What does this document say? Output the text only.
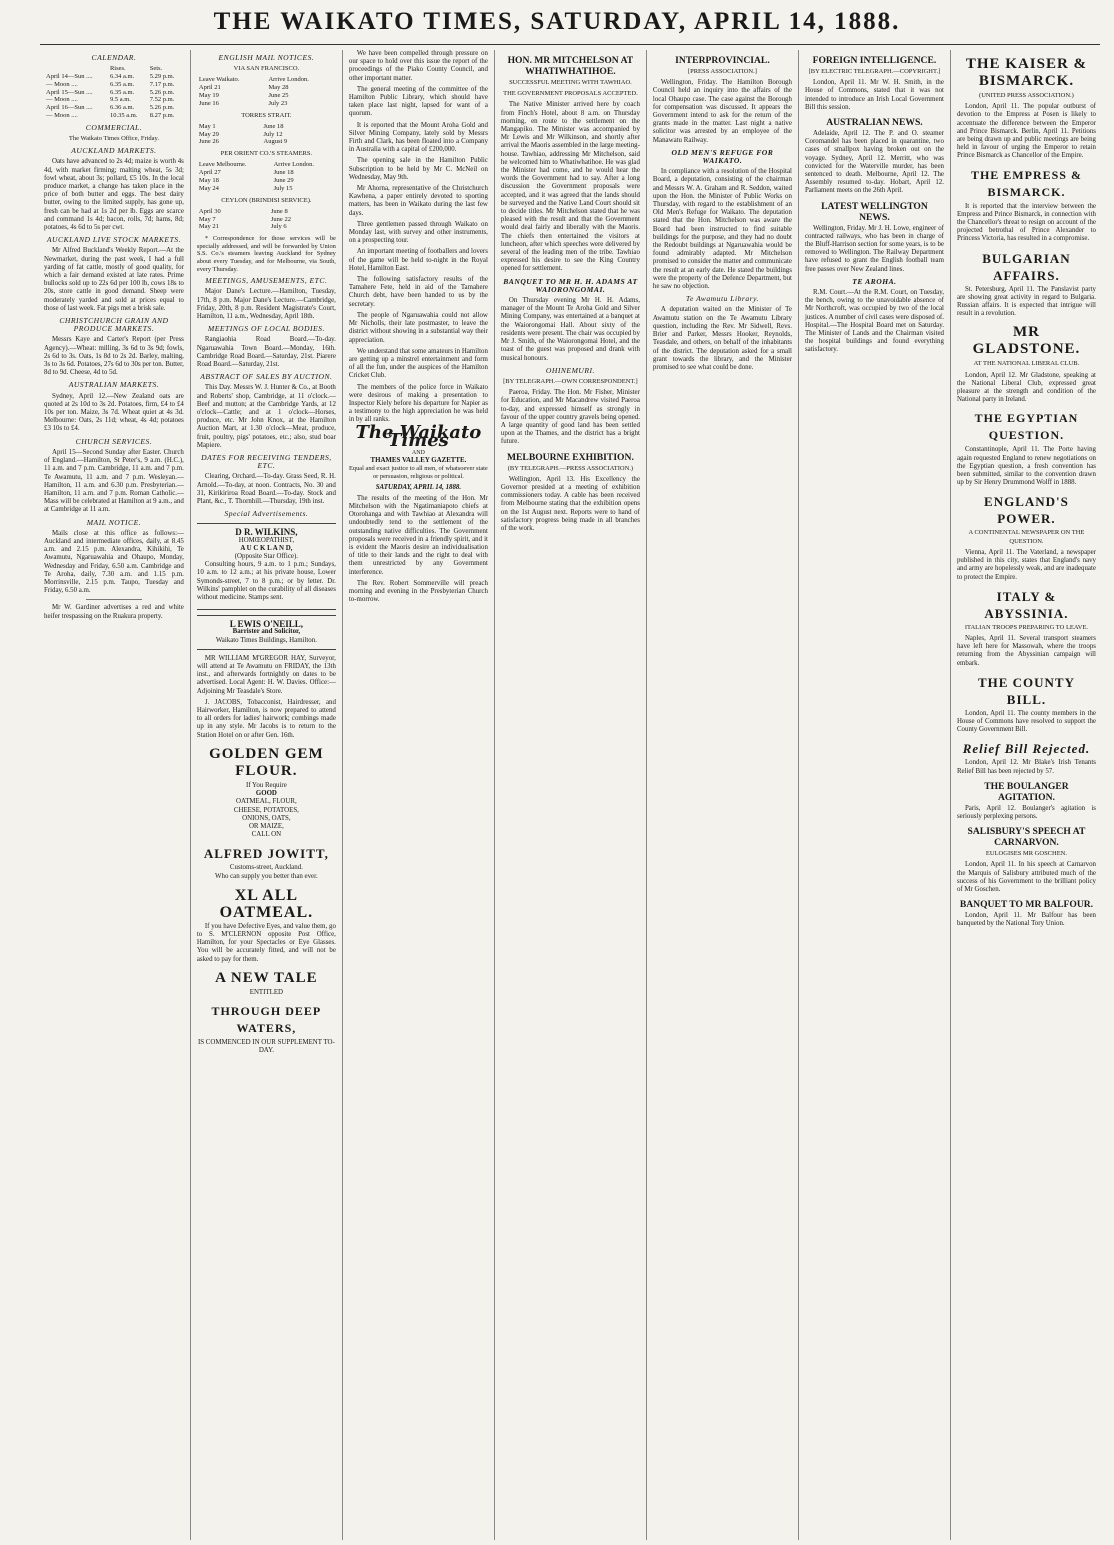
THE WAIKATO TIMES, SATURDAY, APRIL 14, 1888.
CALENDAR.
	Rises.	Sets.
April 14—Sun ....	6.34 a.m.	5.29 p.m.
— Moon ....	6.35 a.m.	7.17 p.m.
April 15—Sun ....	6.35 a.m.	5.26 p.m.
— Moon ....	9.5 a.m.	7.52 p.m.
April 16—Sun ....	6.36 a.m.	5.26 p.m.
— Moon ....	10.35 a.m.	8.27 p.m.
COMMERCIAL.
The Waikato Times Office, Friday.
AUCKLAND MARKETS.

Oats have advanced to 2s 4d; maize is worth 4s 4d, with market firming; malting wheat, 5s 3d; fowl wheat, about 3s; pollard, £5 10s. In the local produce market, a change has taken place in the price of both butter and eggs. The best dairy butter, owing to the limited supply, has gone up, fresh can be had at 1s 2d per lb. Eggs are scarce and command 1s 4d; bacon, rolls, 7d; hams, 8d; potatoes, 4s 6d to 5s per cwt.

AUCKLAND LIVE STOCK MARKETS.

Mr Alfred Buckland's Weekly Report.—At the Newmarket, during the past week, I had a full yarding of fat cattle, mostly of good quality, for which a fair demand existed at late rates. Prime bullocks sold up to 22s 6d per 100 lb, cows 18s to 20s, store cattle in good demand. Sheep were moderately yarded and sold at prices equal to those of last week. Fat pigs met a brisk sale.

CHRISTCHURCH GRAIN AND PRODUCE MARKETS.

Messrs Kaye and Carter's Report (per Press Agency).—Wheat: milling, 3s 6d to 3s 9d; fowls, 2s 6d to 3s. Oats, 1s 8d to 2s 2d. Barley, malting, 3s to 3s 6d. Potatoes, 27s 6d to 30s per ton. Butter, 8d to 9d. Cheese, 4d to 5d.

AUSTRALIAN MARKETS.

Sydney, April 12.—New Zealand oats are quoted at 2s 10d to 3s 2d. Potatoes, firm, £4 to £4 10s per ton. Maize, 3s 7d. Wheat quiet at 4s 3d. Melbourne: Oats, 2s 11d; wheat, 4s 4d; potatoes £3 10s to £4.

CHURCH SERVICES.

April 15—Second Sunday after Easter. Church of England.—Hamilton, St Peter's, 9 a.m. (H.C.), 11 a.m. and 7 p.m. Cambridge, 11 a.m. and 7 p.m. Te Awamutu, 11 a.m. and 7 p.m. Wesleyan.—Hamilton, 11 a.m. and 6.30 p.m. Presbyterian.—Hamilton, 11 a.m. and 7 p.m. Roman Catholic.—Mass will be celebrated at Hamilton at 9 a.m., and at Cambridge at 11 a.m.

MAIL NOTICE.

Mails close at this office as follows:—Auckland and intermediate offices, daily, at 8.45 a.m. and 2.15 p.m. Alexandra, Kihikihi, Te Awamutu, Ngaruawahia and Ohaupo, Monday, Wednesday and Friday, 6.50 a.m. Cambridge and Te Aroha, daily, 7.30 a.m. and 1.15 p.m. Morrinsville, 2.15 p.m. Taupo, Tuesday and Friday, 6.50 a.m.

Mr W. Gardiner advertises a red and white heifer trespassing on the Ruakura property.

ENGLISH MAIL NOTICES.
VIA SAN FRANCISCO.
Leave Waikato.	Arrive London.
April 21	May 28
May 19	June 25
June 16	July 23
TORRES STRAIT.
May 1	June 18
May 29	July 12
June 26	August 9
PER ORIENT CO.'S STEAMERS.
Leave Melbourne.	Arrive London.
April 27	June 18
May 18	June 29
May 24	July 15
CEYLON (BRINDISI SERVICE).
April 30	June 8
May 7	June 22
May 21	July 6

* Correspondence for those services will be specially addressed, and will be forwarded by Union S.S. Co.'s steamers leaving Auckland for Sydney about every Tuesday, and for Melbourne, via South, every Thursday.

MEETINGS, AMUSEMENTS, ETC.

Major Dane's Lecture.—Hamilton, Tuesday, 17th, 8 p.m. Major Dane's Lecture.—Cambridge, Friday, 20th, 8 p.m. Resident Magistrate's Court, Hamilton, 11 a.m., Wednesday, April 18th.

MEETINGS OF LOCAL BODIES.

Rangiaohia Road Board.—To-day. Ngaruawahia Town Board.—Monday, 16th. Cambridge Road Board.—Saturday, 21st. Piarere Road Board.—Saturday, 21st.

ABSTRACT OF SALES BY AUCTION.

This Day. Messrs W. J. Hunter & Co., at Booth and Roberts' shop, Cambridge, at 11 o'clock.—Beef and mutton; at the Cambridge Yards, at 12 o'clock—Cattle; and at 1 o'clock—Horses, produce, etc. Mr John Knox, at the Hamilton Auction Mart, at 1.30 o'clock—Meat, produce, fruit, poultry, pigs' potatoes, etc.; also, stud boar Mapiere.

DATES FOR RECEIVING TENDERS, ETC.

Clearing, Orchard.—To-day. Grass Seed, R. H. Arnold.—To-day, at noon. Contracts, No. 30 and 31, Kirikiriroa Road Board.—To-day. Stock and Plant, &c., T. Thornhill.—Thursday, 19th inst.

Special Advertisements.
D R. WILKINS,
HOMŒOPATHIST,
A U C K L A N D,
(Opposite Star Office).

Consulting hours, 9 a.m. to 1 p.m.; Sundays, 10 a.m. to 12 a.m.; at his private house, Lower Symonds-street, 7 to 8 p.m.; or by letter. Dr. Wilkins' pamphlet on the curability of all diseases without medicine. Stamps sent.

L EWIS O'NEILL,
Barrister and Solicitor,
Waikato Times Buildings, Hamilton.

MR WILLIAM M'GREGOR HAY, Surveyor, will attend at Te Awamutu on FRIDAY, the 13th inst., and afterwards fortnightly on dates to be advertised. Local Agent: H. W. Davies. Office:—Adjoining Mr Teasdale's Store.

J. JACOBS, Tobacconist, Hairdresser, and Hairworker, Hamilton, is now prepared to attend to all orders for ladies' hairwork; combings made up in any style. Mr Jacobs is to return to the Station Hotel on or after Gen. 16th.

GOLDEN GEM FLOUR.
If You Require
GOOD
OATMEAL, FLOUR,
CHEESE, POTATOES,
ONIONS, OATS,
OR MAIZE,
CALL ON
ALFRED JOWITT,
Customs-street, Auckland.
Who can supply you better than ever.
XL ALL OATMEAL.

If you have Defective Eyes, and value them, go to S. M'CLERNON opposite Post Office, Hamilton, for your Spectacles or Eye Glasses. You will be accurately fitted, and will not be asked to pay for them.

A NEW TALE
ENTITLED
THROUGH DEEP WATERS,
IS COMMENCED IN OUR SUPPLEMENT TO-DAY.

We have been compelled through pressure on our space to hold over this issue the report of the proceedings of the Piako County Council, and other important matter.

The general meeting of the committee of the Hamilton Public Library, which should have taken place last night, lapsed for want of a quorum.

It is reported that the Mount Aroha Gold and Silver Mining Company, lately sold by Messrs Firth and Clark, has been floated into a Company in Australia with a capital of £200,000.

The opening sale in the Hamilton Public Subscription to be held by Mr C. McNeil on Wednesday, May 9th.

Mr Ahorna, representative of the Christchurch Kawhena, a paper entirely devoted to sporting matters, has been in Waikato during the last few days.

Three gentlemen passed through Waikato on Monday last, with survey and other instruments, on a prospecting tour.

An important meeting of footballers and lovers of the game will be held to-night in the Royal Hotel, Hamilton East.

The following satisfactory results of the Tamahere Fete, held in aid of the Tamahere Church debt, have been handed to us by the secretary.

The people of Ngaruawahia could not allow Mr Nicholls, their late postmaster, to leave the district without showing in a substantial way their appreciation.

We understand that some amateurs in Hamilton are getting up a minstrel entertainment and form of all the fun, under the auspices of the Hamilton Cricket Club.

The members of the police force in Waikato were desirous of making a presentation to Inspector Kiely before his departure for Napier as a testimony to the high appreciation he was held in by all ranks.

The Waikato Times
AND
THAMES VALLEY GAZETTE.

Equal and exact justice to all men, of whatsoever state or persuasion, religious or political.

SATURDAY, APRIL 14, 1888.

The results of the meeting of the Hon. Mr Mitchelson with the Ngatimaniapoto chiefs at Otorohanga and with Tawhiao at Alexandra will undoubtedly tend to the settlement of the outstanding native difficulties. The Government proposals were received in a friendly spirit, and it is evident the Maoris desire an individualisation of title to their lands and the right to deal with them unrestricted by any Government interference.

The Rev. Robert Sommerville will preach morning and evening in the Presbyterian Church to-morrow.

HON. MR MITCHELSON AT WHATIWHATIHOE.
SUCCESSFUL MEETING WITH TAWHIAO.
THE GOVERNMENT PROPOSALS ACCEPTED.

The Native Minister arrived here by coach from Finch's Hotel, about 8 a.m. on Thursday morning, en route to the settlement on the Mangapiko. The Minister was accompanied by Mr Lewis and Mr Wilkinson, and shortly after arrival the Maoris assembled in the large meeting-house. Tawhiao, addressing Mr Mitchelson, said he welcomed him to Whatiwhatihoe. He was glad the Minister had come, and he would hear the words the Government had to say. After a long discussion the Government proposals were accepted, and it was agreed that the lands should be surveyed and the Native Land Court should sit to decide titles. Mr Mitchelson stated that he was pleased with the result and that the Government would deal fairly and liberally with the Maoris. The chiefs then entertained the visitors at luncheon, after which speeches were delivered by several of the leading men of the tribe. Tawhiao expressed his desire to see the King Country opened for settlement.

BANQUET TO MR H. H. ADAMS AT WAIORONGOMAI.

On Thursday evening Mr H. H. Adams, manager of the Mount Te Aroha Gold and Silver Mining Company, was entertained at a banquet at the Waiorongomai Hall. About sixty of the residents were present. The chair was occupied by Mr J. Smith, of the Waiorongomai Hotel, and the toast of the guest was proposed and drank with musical honours.

OHINEMURI.
[BY TELEGRAPH.—OWN CORRESPONDENT.]

Paeroa, Friday. The Hon. Mr Fisher, Minister for Education, and Mr Macandrew visited Paeroa to-day, and expressed himself as strongly in favour of the upper country gravels being opened. A large quantity of good land has been settled upon at the Thames, and the district has a bright future.

MELBOURNE EXHIBITION.
(BY TELEGRAPH.—PRESS ASSOCIATION.)

Wellington, April 13. His Excellency the Governor presided at a meeting of exhibition commissioners today. A cable has been received from Melbourne stating that the exhibition opens on the 1st August next. Reports were to hand of satisfactory progress being made in all branches of the work.

INTERPROVINCIAL.
[PRESS ASSOCIATION.]

Wellington, Friday. The Hamilton Borough Council held an inquiry into the affairs of the local Ohaupo case. The case against the Borough for compensation was discussed. It appears the Government intend to ask for the return of the grants made in the matter. Last night a native solicitor was arrested by an employee of the Manawatu Railway.

OLD MEN'S REFUGE FOR WAIKATO.

In compliance with a resolution of the Hospital Board, a deputation, consisting of the chairman and Messrs W. A. Graham and R. Seddon, waited upon the Hon. the Minister of Public Works on Thursday, with regard to the establishment of an Old Men's Refuge for Waikato. The deputation stated that the Hon. Mitchelson was aware the Board had been instructed to find suitable buildings for the purpose, and they had no doubt the Redoubt buildings at Ngaruawahia would be found admirably adapted. Mr Mitchelson promised to consider the matter and communicate the result at an early date. He stated the buildings were the property of the Defence Department, but he saw no objection.

Te Awamutu Library.

A deputation waited on the Minister of Te Awamutu station on the Te Awamutu Library question, including the Rev. Mr Sidwell, Revs. Brier and Parker, Messrs Hooker, Reynolds, Teasdale, and others, on behalf of the inhabitants of the district. The deputation asked for a small grant towards the library, and the Minister promised to see what could be done.

FOREIGN INTELLIGENCE.
[BY ELECTRIC TELEGRAPH.—COPYRIGHT.]

London, April 11. Mr W. H. Smith, in the House of Commons, stated that it was not intended to introduce an Irish Local Government Bill this session.

AUSTRALIAN NEWS.

Adelaide, April 12. The P. and O. steamer Coromandel has been placed in quarantine, two cases of smallpox having broken out on the voyage. Sydney, April 12. Merritt, who was convicted for the Waterville murder, has been sentenced to death. Melbourne, April 12. The Assembly resumed to-day. Hobart, April 12. Parliament meets on the 26th April.

LATEST WELLINGTON NEWS.

Wellington, Friday. Mr J. H. Lowe, engineer of contracted railways, who has been in charge of the Bluff-Harrison section for some years, is to be removed to Wellington. The Railway Department have refused to grant the English football team free passes over New Zealand lines.

TE AROHA.

R.M. Court.—At the R.M. Court, on Tuesday, the bench, owing to the unavoidable absence of Mr Northcroft, was occupied by two of the local justices. A number of civil cases were disposed of. Hospital.—The Hospital Board met on Saturday. The Minister of Lands and the Chairman visited the hospital buildings and found everything satisfactory.

THE KAISER & BISMARCK.
(UNITED PRESS ASSOCIATION.)

London, April 11. The popular outburst of devotion to the Empress at Posen is likely to accentuate the difference between the Emperor and Prince Bismarck. Berlin, April 11. Petitions are being drawn up and public meetings are being held in favour of urging the Emperor to retain Prince Bismarck as Chancellor of the Empire.

THE EMPRESS & BISMARCK.

It is reported that the interview between the Empress and Prince Bismarck, in connection with the Chancellor's threat to resign on account of the projected betrothal of Prince Alexander to Princess Victoria, has resulted in a compromise.

BULGARIAN AFFAIRS.

St. Petersburg, April 11. The Panslavist party are showing great activity in regard to Bulgaria. Russian affairs. It is expected that intrigue will result in a revolution.

MR GLADSTONE.
AT THE NATIONAL LIBERAL CLUB.

London, April 12. Mr Gladstone, speaking at the National Liberal Club, expressed great pleasure at the strength and condition of the National party in Ireland.

THE EGYPTIAN QUESTION.

Constantinople, April 11. The Porte having again requested England to renew negotiations on the Egyptian question, a fresh convention has been submitted, similar to the convention drawn up by Sir Henry Drummond Wolff in 1888.

ENGLAND'S POWER.
A CONTINENTAL NEWSPAPER ON THE QUESTION.

Vienna, April 11. The Vaterland, a newspaper published in this city, states that England's navy and army are hopelessly weak, and are inadequate to protect the Empire.

ITALY & ABYSSINIA.
ITALIAN TROOPS PREPARING TO LEAVE.

Naples, April 11. Several transport steamers have left here for Massowah, where the troops returning from the Abyssinian campaign will embark.

THE COUNTY BILL.

London, April 11. The county members in the House of Commons have resolved to support the County Government Bill.

Relief Bill Rejected.

London, April 12. Mr Blake's Irish Tenants Relief Bill has been rejected by 57.

THE BOULANGER AGITATION.

Paris, April 12. Boulanger's agitation is seriously perplexing persons.

SALISBURY'S SPEECH AT CARNARVON.
EULOGISES MR GOSCHEN.

London, April 11. In his speech at Carnarvon the Marquis of Salisbury attributed much of the success of his Government to the brilliant policy of Mr Goschen.

BANQUET TO MR BALFOUR.

London, April 11. Mr Balfour has been banqueted by the National Tory Union.
